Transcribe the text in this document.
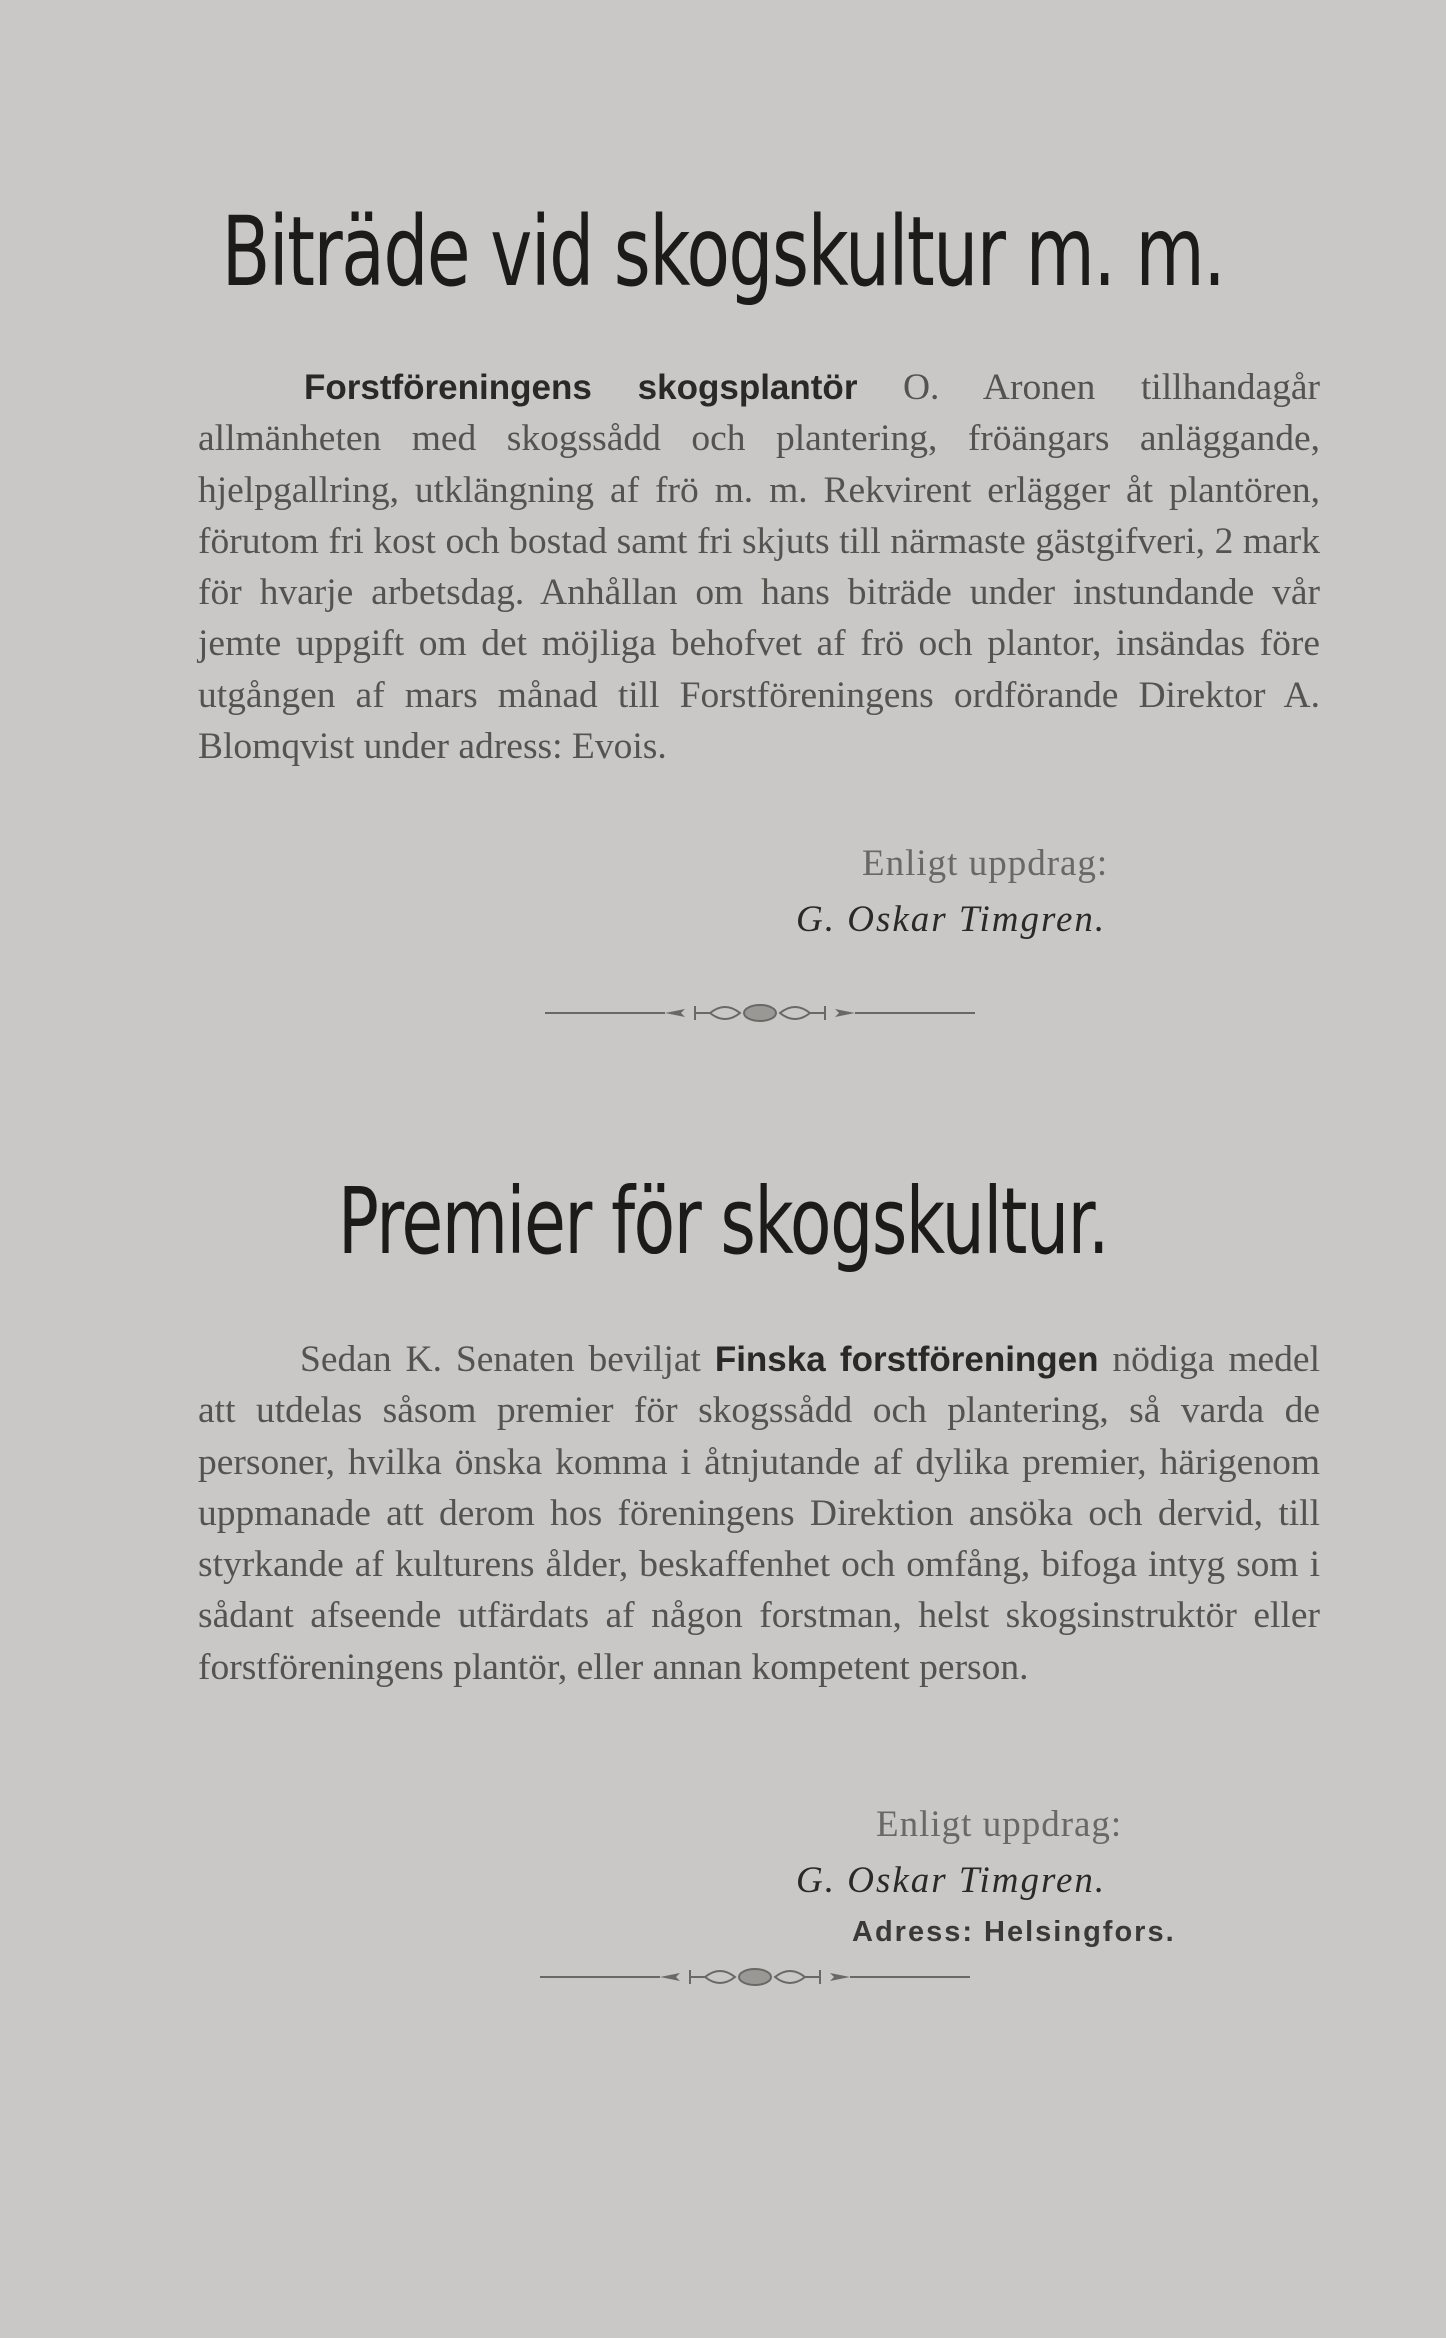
Biträde vid skogskultur m. m.

Forstföreningens skogsplantör O. Aronen tillhandagår allmänheten med skogssådd och plantering, fröängars anläggande, hjelpgallring, utklängning af frö m. m. Rekvirent erlägger åt plantören, förutom fri kost och bostad samt fri skjuts till närmaste gästgifveri, 2 mark för hvarje arbetsdag. Anhållan om hans biträde under instundande vår jemte uppgift om det möjliga behofvet af frö och plantor, insändas före utgången af mars månad till Forstföreningens ordförande Direktor A. Blomqvist under adress: Evois.

Enligt uppdrag:
G. Oskar Timgren.
Premier för skogskultur.

Sedan K. Senaten beviljat Finska forstföreningen nödiga medel att utdelas såsom premier för skogssådd och plantering, så varda de personer, hvilka önska komma i åtnjutande af dylika premier, härigenom uppmanade att derom hos föreningens Direktion ansöka och dervid, till styrkande af kulturens ålder, beskaffenhet och omfång, bifoga intyg som i sådant afseende utfärdats af någon forstman, helst skogsinstruktör eller forstföreningens plantör, eller annan kompetent person.

Enligt uppdrag:
G. Oskar Timgren.
Adress: Helsingfors.
